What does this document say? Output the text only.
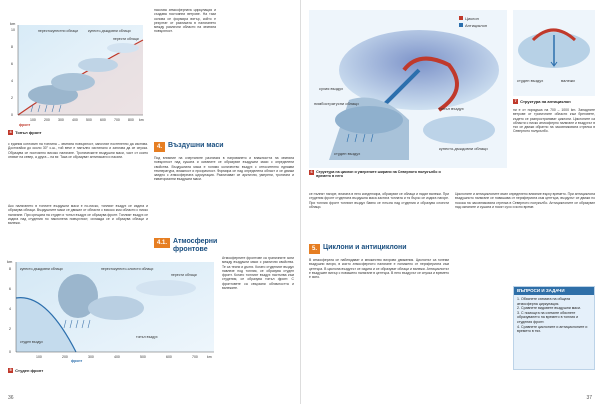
km
10
8
6
4
2
0
100 200 300 400 500 600 700 800 km
перестокупестни облаци	купесто-дъждовни облаци
перести облаци
фронт
4 Топъл фронт
насочва атмосферната циркулация и създава постоянни ветрове. На тази основа се формира вятър, който е резултат от разликата в налягането между различни области на земната повърхност.
с единия котловин на топлина – земната повърхност, започнат постепенно да изстива. Достигайки до около 30° с.ш., той вече е напълно изстинало и започва да се спуска. Образува се постоянно високо налягане. Тропическите въздушни маси, част от които отиват на север, а друга – на юг. Така се образуват антипасати и пасати.
Ако налягането в топлите въздушни маси е по-ниско, топлият въздух се издига и образува облаци. Въздушните маси се движат от области с високо към области с ниско налягане. При срещата на студен и топъл въздух се образува фронт. Топлият въздух се издига над студения по наклонена повърхност, охлажда се и образува облаци и валежи.
4. Въздушни маси
Под влияние на очертаните различия в нагряването и влажността на земната повърхност над сушата и океаните се образуват въздушни маси с определени свойства. Въздушната маса е голямо количество въздух с относително еднакви температура, влажност и прозрачност. Формира се над определена област и се движи заедно с атмосферната циркулация. Различават се арктични, умерени, тропични и екваториални въздушни маси.
4.1. Атмосферни фронтове
Атмосферните фронтове са граничните зони между въздушни маси с различни свойства. Те са тесни и дълги. Когато студеният въздух навлезе под топлия, се образува студен фронт. Когато топлият въздух настъпва към студения, се образува топъл фронт. С фронтовете са свързани облачността и валежите.
km
8
6
4
2
0
100	200	300	400	500	600	700	km
купесто-дъждовни облаци	перестокупесто-слоести облаци
перести облаци
студен въздух
топъл въздух
фронт
5 Студен фронт
36
Циклон
Антициклон
нимбостратусни облаци
купесто-дъждовни облаци
студен въздух
топъл въздух
сухия въздух
6 Структура на циклон и умерените ширини на Северното полукълбо и времето в него
студен въздух	валежи
7 Структура на антициклон
ни е от порядъка на 700 – 1000 km. Западните ветрове от тропичните области към бреговете, където се разпространяват циклони. Циклоните са области с ниско атмосферно налягане и въздухът в тях се движи обратно на часовниковата стрелка в Северното полукълбо.
се пълнят нагоре, влагата в него кондензира, образуват се облаци и падат валежи. При студения фронт студената въздушна маса застига топлата и тя бързо се издига нагоре. При топлия фронт топлият въздух бавно се плъзга над студения и образува слоести облаци.
5. Циклони и антициклони
В атмосферата се наблюдават и множество вихрови движения. Циклонът са големи въздушни вихри, в които атмосферното налягане е понижено от периферията към центъра. В циклона въздухът се издига и се образуват облаци и валежи. Антициклонът е въздушен вихър с повишено налягане в центъра. В него въздухът се спуска и времето е ясно.
Циклоните и антициклоните имат определено влияние върху времето. При антициклона въздушното налягане се повишава от периферията към центъра, въздухът се движи по посока на часовниковата стрелка в Северното полукълбо. Антициклоните се образуват над океаните и сушата и носят сухо и ясно време.
ВЪПРОСИ И ЗАДАЧИ
1. Обяснете схемата на общата атмосферна циркулация.
2. Сравнете видовете въздушни маси.
3. С помощта на схемите обяснете образуването на времето в топлия и студения фронт.
4. Сравнете циклоните и антициклоните и времето в тях.
37
